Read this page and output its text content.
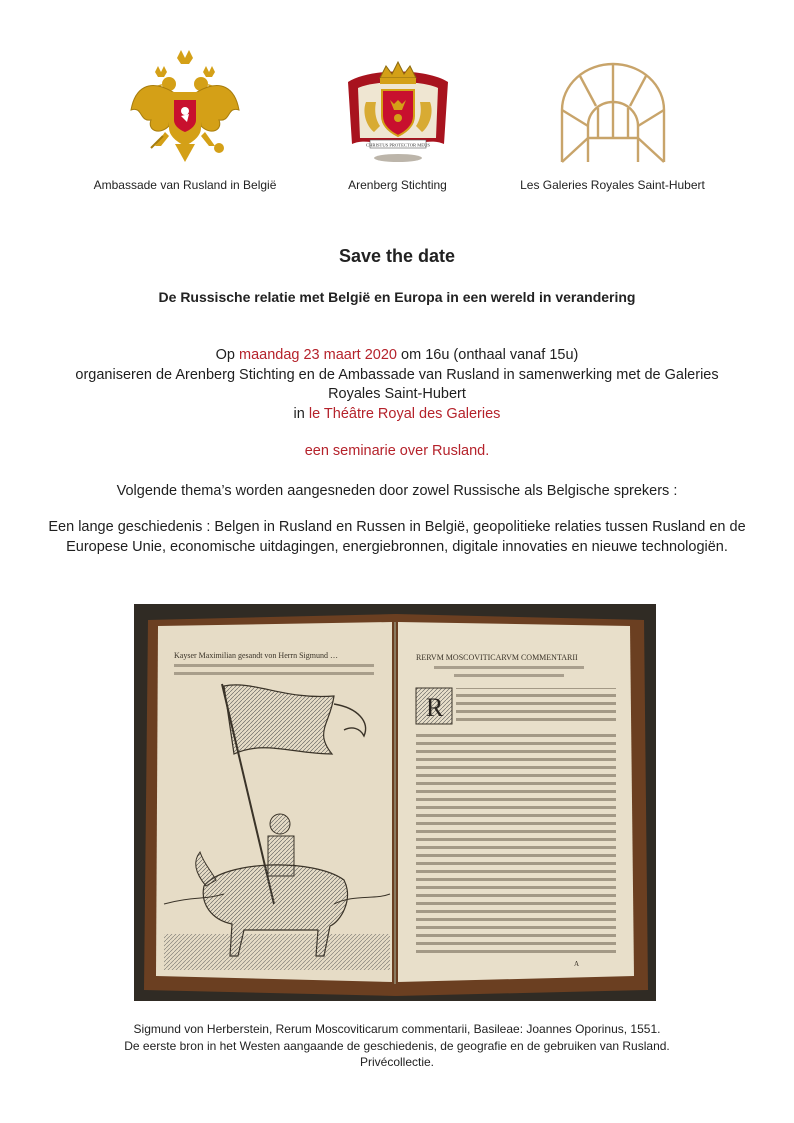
Ambassade van Rusland in België
CHRISTUS PROTECTOR MEUS
Arenberg Stichting	Les Galeries Royales Saint-Hubert
Save the date
De Russische relatie met België en Europa in een wereld in verandering
Op maandag 23 maart 2020 om 16u (onthaal vanaf 15u)
organiseren de Arenberg Stichting en de Ambassade van Rusland in samenwerking met de Galeries Royales Saint-Hubert
in le Théâtre Royal des Galeries
een seminarie over Rusland.
Volgende thema’s worden aangesneden door zowel Russische als Belgische sprekers :
Een lange geschiedenis : Belgen in Rusland en Russen in België, geopolitieke relaties tussen Rusland en de Europese Unie, economische uitdagingen, energiebronnen, digitale innovaties en nieuwe technologiën.
Kayser Maximilian gesandt von Herrn Sigmund …	RERVM MOSCOVITICARVM COMMENTARII
R
A
Sigmund von Herberstein, Rerum Moscoviticarum commentarii, Basileae: Joannes Oporinus, 1551.
De eerste bron in het Westen aangaande de geschiedenis, de geografie en de gebruiken van Rusland.
Privécollectie.
